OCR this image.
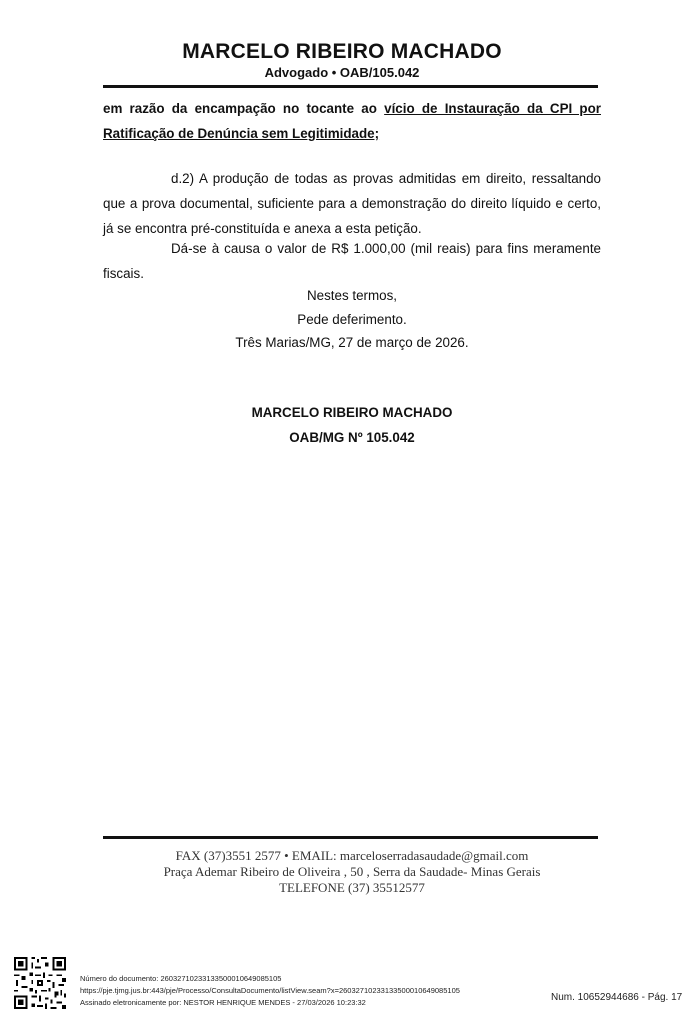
MARCELO RIBEIRO MACHADO
Advogado • OAB/105.042
em razão da encampação no tocante ao vício de Instauração da CPI por Ratificação de Denúncia sem Legitimidade;
d.2) A produção de todas as provas admitidas em direito, ressaltando que a prova documental, suficiente para a demonstração do direito líquido e certo, já se encontra pré-constituída e anexa a esta petição.
Dá-se à causa o valor de R$ 1.000,00 (mil reais) para fins meramente fiscais.
Nestes termos,
Pede deferimento.
Três Marias/MG, 27 de março de 2026.
MARCELO RIBEIRO MACHADO
OAB/MG Nº 105.042
FAX (37)3551 2577 • EMAIL: marceloserradasaudade@gmail.com
Praça Ademar Ribeiro de Oliveira , 50 , Serra da Saudade- Minas Gerais
TELEFONE (37) 35512577
Número do documento: 26032710233133500010649085105
https://pje.tjmg.jus.br:443/pje/Processo/ConsultaDocumento/listView.seam?x=26032710233133500010649085105
Assinado eletronicamente por: NESTOR HENRIQUE MENDES - 27/03/2026 10:23:32	Num. 10652944686 - Pág. 17
